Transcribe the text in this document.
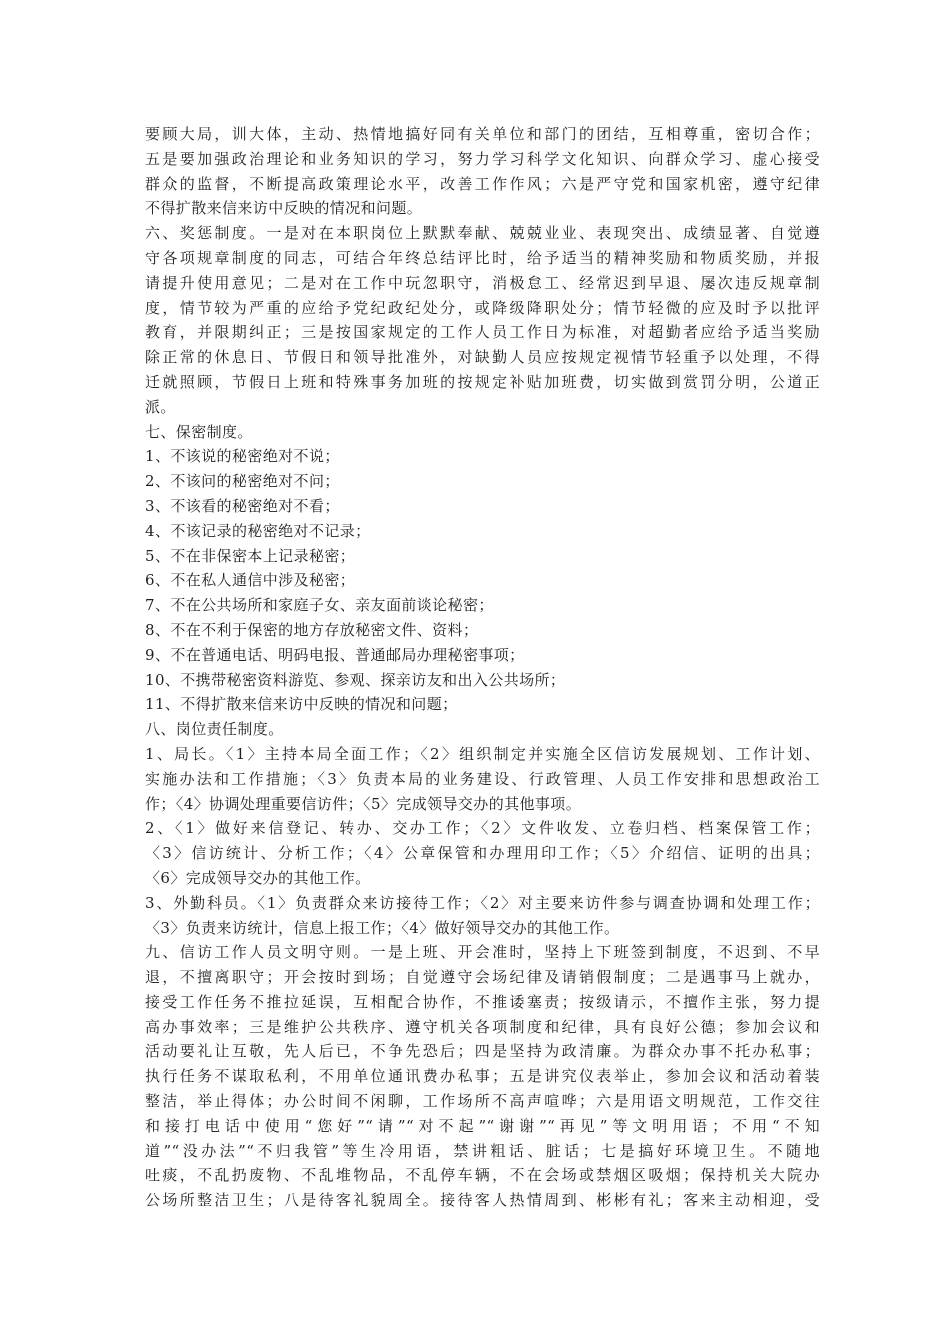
要顾大局，训大体，主动、热情地搞好同有关单位和部门的团结，互相尊重，密切合作；
五是要加强政治理论和业务知识的学习，努力学习科学文化知识、向群众学习、虚心接受
群众的监督，不断提高政策理论水平，改善工作作风；六是严守党和国家机密，遵守纪律
不得扩散来信来访中反映的情况和问题。
六、奖惩制度。一是对在本职岗位上默默奉献、兢兢业业、表现突出、成绩显著、自觉遵
守各项规章制度的同志，可结合年终总结评比时，给予适当的精神奖励和物质奖励，并报
请提升使用意见；二是对在工作中玩忽职守，消极怠工、经常迟到早退、屡次违反规章制
度，情节较为严重的应给予党纪政纪处分，或降级降职处分；情节轻微的应及时予以批评
教育，并限期纠正；三是按国家规定的工作人员工作日为标准，对超勤者应给予适当奖励
除正常的休息日、节假日和领导批准外，对缺勤人员应按规定视情节轻重予以处理，不得
迁就照顾，节假日上班和特殊事务加班的按规定补贴加班费，切实做到赏罚分明，公道正
派。
七、保密制度。
1、不该说的秘密绝对不说；
2、不该问的秘密绝对不问；
3、不该看的秘密绝对不看；
4、不该记录的秘密绝对不记录；
5、不在非保密本上记录秘密；
6、不在私人通信中涉及秘密；
7、不在公共场所和家庭子女、亲友面前谈论秘密；
8、不在不利于保密的地方存放秘密文件、资料；
9、不在普通电话、明码电报、普通邮局办理秘密事项；
10、不携带秘密资料游览、参观、探亲访友和出入公共场所；
11、不得扩散来信来访中反映的情况和问题；
八、岗位责任制度。
1、局长。〈1〉主持本局全面工作；〈2〉组织制定并实施全区信访发展规划、工作计划、
实施办法和工作措施；〈3〉负责本局的业务建设、行政管理、人员工作安排和思想政治工
作；〈4〉协调处理重要信访件；〈5〉完成领导交办的其他事项。
2、〈1〉做好来信登记、转办、交办工作；〈2〉文件收发、立卷归档、档案保管工作；
〈3〉信访统计、分析工作；〈4〉公章保管和办理用印工作；〈5〉介绍信、证明的出具；
〈6〉完成领导交办的其他工作。
3、外勤科员。〈1〉负责群众来访接待工作；〈2〉对主要来访件参与调查协调和处理工作；
〈3〉负责来访统计，信息上报工作；〈4〉做好领导交办的其他工作。
九、信访工作人员文明守则。一是上班、开会准时，坚持上下班签到制度，不迟到、不早
退，不擅离职守；开会按时到场；自觉遵守会场纪律及请销假制度；二是遇事马上就办，
接受工作任务不推拉延误，互相配合协作，不推诿塞责；按级请示，不擅作主张，努力提
高办事效率；三是维护公共秩序、遵守机关各项制度和纪律，具有良好公德；参加会议和
活动要礼让互敬，先人后已，不争先恐后；四是坚持为政清廉。为群众办事不托办私事；
执行任务不谋取私利，不用单位通讯费办私事；五是讲究仪表举止，参加会议和活动着装
整洁，举止得体；办公时间不闲聊，工作场所不高声喧哗；六是用语文明规范，工作交往
和接打电话中使用“您好”“请”“对不起”“谢谢”“再见”等文明用语；不用“不知
道”“没办法”“不归我管”等生冷用语，禁讲粗话、脏话；七是搞好环境卫生。不随地
吐痰，不乱扔废物、不乱堆物品，不乱停车辆，不在会场或禁烟区吸烟；保持机关大院办
公场所整洁卫生；八是待客礼貌周全。接待客人热情周到、彬彬有礼；客来主动相迎，受
